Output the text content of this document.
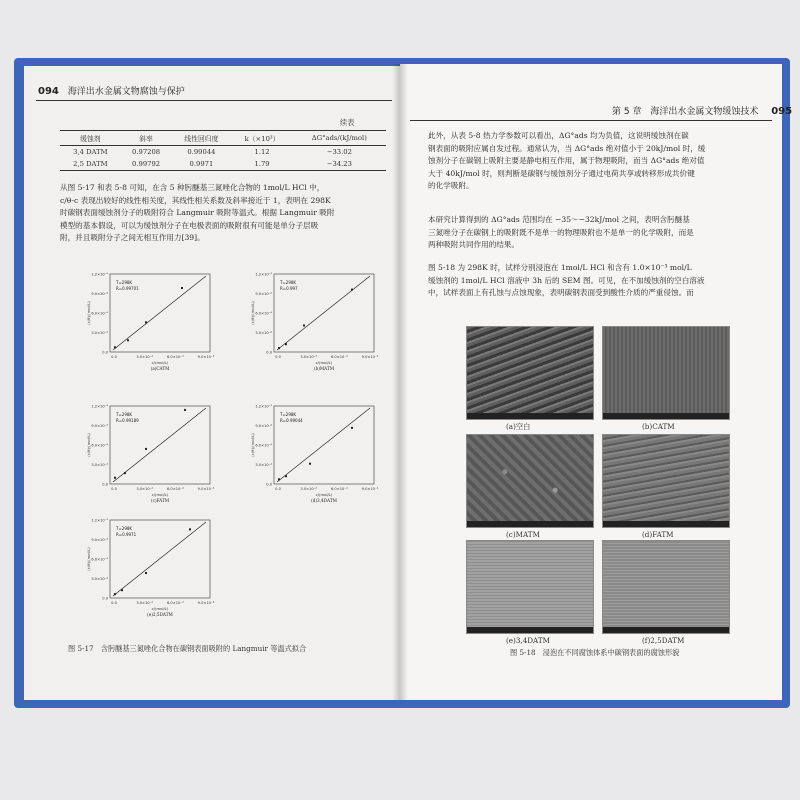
094 海洋出水金属文物腐蚀与保护
续表
缓蚀剂	斜率	线性回归度	k（×10³）	ΔG°ads/(kJ/mol)
3,4 DATM	0.97208	0.99044	1.12	−33.02
2,5 DATM	0.99792	0.9971	1.79	−34.23
从图 5-17 和表 5-8 可知，在含 5 种肟醚基三氮唑化合物的 1mol/L HCl 中，
c/θ-c 表现出较好的线性相关度，其线性相关系数及斜率接近于 1，表明在 298K
时碳钢表面缓蚀剂分子的吸附符合 Langmuir 吸附等温式。根据 Langmuir 吸附
模型的基本假设，可以为缓蚀剂分子在电极表面的吸附很有可能是单分子层吸
附，并且吸附分子之间无相互作用力[39]。
0.0
3.0×10⁻⁴
6.0×10⁻⁴
9.0×10⁻⁴
1.2×10⁻³
0.0	3.0×10⁻⁴	6.0×10⁻⁴	9.0×10⁻⁴
(c/θ)/(mol/L)
c/(mol/L)
T=298K
R=0.99701
(a)CATM
0.0
3.0×10⁻⁴
6.0×10⁻⁴
9.0×10⁻⁴
1.2×10⁻³
0.0	3.0×10⁻⁴	6.0×10⁻⁴	9.0×10⁻⁴
(c/θ)/(mol/L)
c/(mol/L)
T=298K
R=0.997
(b)MATM
0.0
3.0×10⁻⁴
6.0×10⁻⁴
9.0×10⁻⁴
1.2×10⁻³
0.0	3.0×10⁻⁴	6.0×10⁻⁴	9.0×10⁻⁴
(c/θ)/(mol/L)
c/(mol/L)
T=298K
R=0.99189
(c)FATM
0.0
3.0×10⁻⁴
6.0×10⁻⁴
9.0×10⁻⁴
1.2×10⁻³
0.0	3.0×10⁻⁴	6.0×10⁻⁴	9.0×10⁻⁴
(c/θ)/(mol/L)
c/(mol/L)
T=298K
R=0.99044
(d)3,4DATM
0.0
3.0×10⁻⁴
6.0×10⁻⁴
9.0×10⁻⁴
1.2×10⁻³
0.0	3.0×10⁻⁴	6.0×10⁻⁴	9.0×10⁻⁴
(c/θ)/(mol/L)
c/(mol/L)
T=298K
R=0.9971
(e)2,5DATM
图 5-17　含肟醚基三氮唑化合物在碳钢表面吸附的 Langmuir 等温式拟合
第 5 章 海洋出水金属文物缓蚀技术 095
此外，从表 5-8 热力学参数可以看出，ΔG°ads 均为负值，这说明缓蚀剂在碳
钢表面的吸附应属自发过程。通常认为，当 ΔG°ads 绝对值小于 20kJ/mol 时，缓
蚀剂分子在碳钢上吸附主要是静电相互作用，属于物理吸附，而当 ΔG°ads 绝对值
大于 40kJ/mol 时，则判断是碳钢与缓蚀剂分子通过电荷共享或转移形成共价键
的化学吸附。
本研究计算得到的 ΔG°ads 范围均在 −35～−32kJ/mol 之间，表明含肟醚基
三氮唑分子在碳钢上的吸附既不是单一的物理吸附也不是单一的化学吸附，而是
两种吸附共同作用的结果。
图 5-18 为 298K 时，试样分别浸泡在 1mol/L HCl 和含有 1.0×10⁻³ mol/L
缓蚀剂的 1mol/L HCl 溶液中 3h 后的 SEM 图。可见，在不加缓蚀剂的空白溶液
中，试样表面上有孔蚀与点蚀现象，表明碳钢表面受到酸性介质的严重侵蚀。而
(a)空白	(b)CATM
(c)MATM	(d)FATM
(e)3,4DATM	(f)2,5DATM
图 5-18　浸泡在不同腐蚀体系中碳钢表面的腐蚀形貌
